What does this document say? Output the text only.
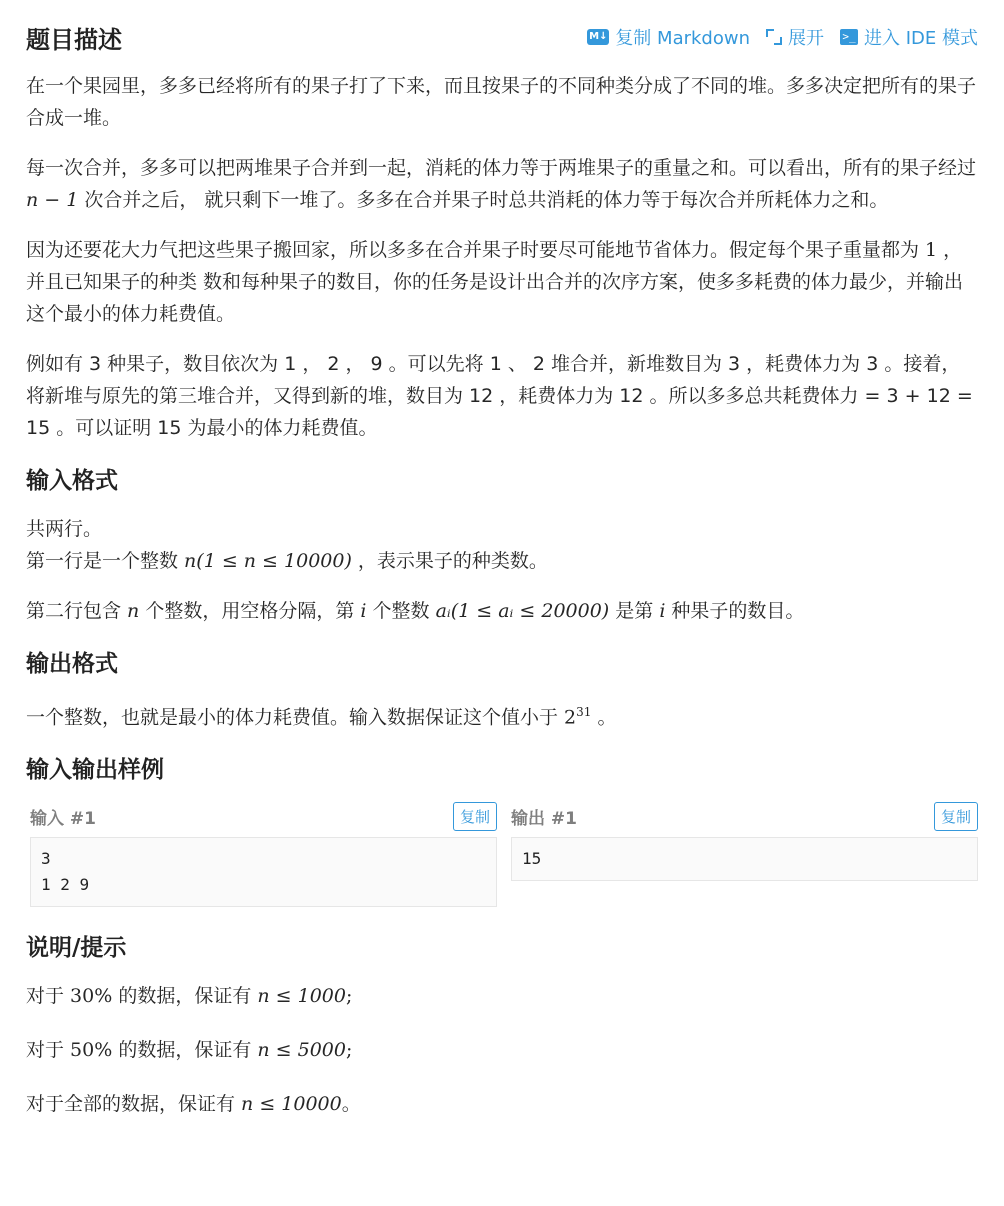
题目描述	M↓ 复制 Markdown 展开 >_ 进入 IDE 模式

在一个果园里，多多已经将所有的果子打了下来，而且按果子的不同种类分成了不同的堆。多多决定把所有的果子合成一堆。

每一次合并，多多可以把两堆果子合并到一起，消耗的体力等于两堆果子的重量之和。可以看出，所有的果子经过 n − 1 次合并之后， 就只剩下一堆了。多多在合并果子时总共消耗的体力等于每次合并所耗体力之和。

因为还要花大力气把这些果子搬回家，所以多多在合并果子时要尽可能地节省体力。假定每个果子重量都为 1 ，并且已知果子的种类 数和每种果子的数目，你的任务是设计出合并的次序方案，使多多耗费的体力最少，并输出这个最小的体力耗费值。

例如有 3 种果子，数目依次为 1 ， 2 ， 9 。可以先将 1 、 2 堆合并，新堆数目为 3 ，耗费体力为 3 。接着，将新堆与原先的第三堆合并，又得到新的堆，数目为 12 ，耗费体力为 12 。所以多多总共耗费体力 = 3 + 12 = 15 。可以证明 15 为最小的体力耗费值。

输入格式

共两行。
第一行是一个整数 n(1 ≤ n ≤ 10000) ，表示果子的种类数。

第二行包含 n 个整数，用空格分隔，第 i 个整数 aᵢ(1 ≤ aᵢ ≤ 20000) 是第 i 种果子的数目。

输出格式

一个整数，也就是最小的体力耗费值。输入数据保证这个值小于 $2^{31}$ 。

输入输出样例
输入 #1	复制
3
1 2 9
输出 #1	复制
15
说明/提示

对于 30% 的数据，保证有 n ≤ 1000;

对于 50% 的数据，保证有 n ≤ 5000;

对于全部的数据，保证有 n ≤ 10000。
